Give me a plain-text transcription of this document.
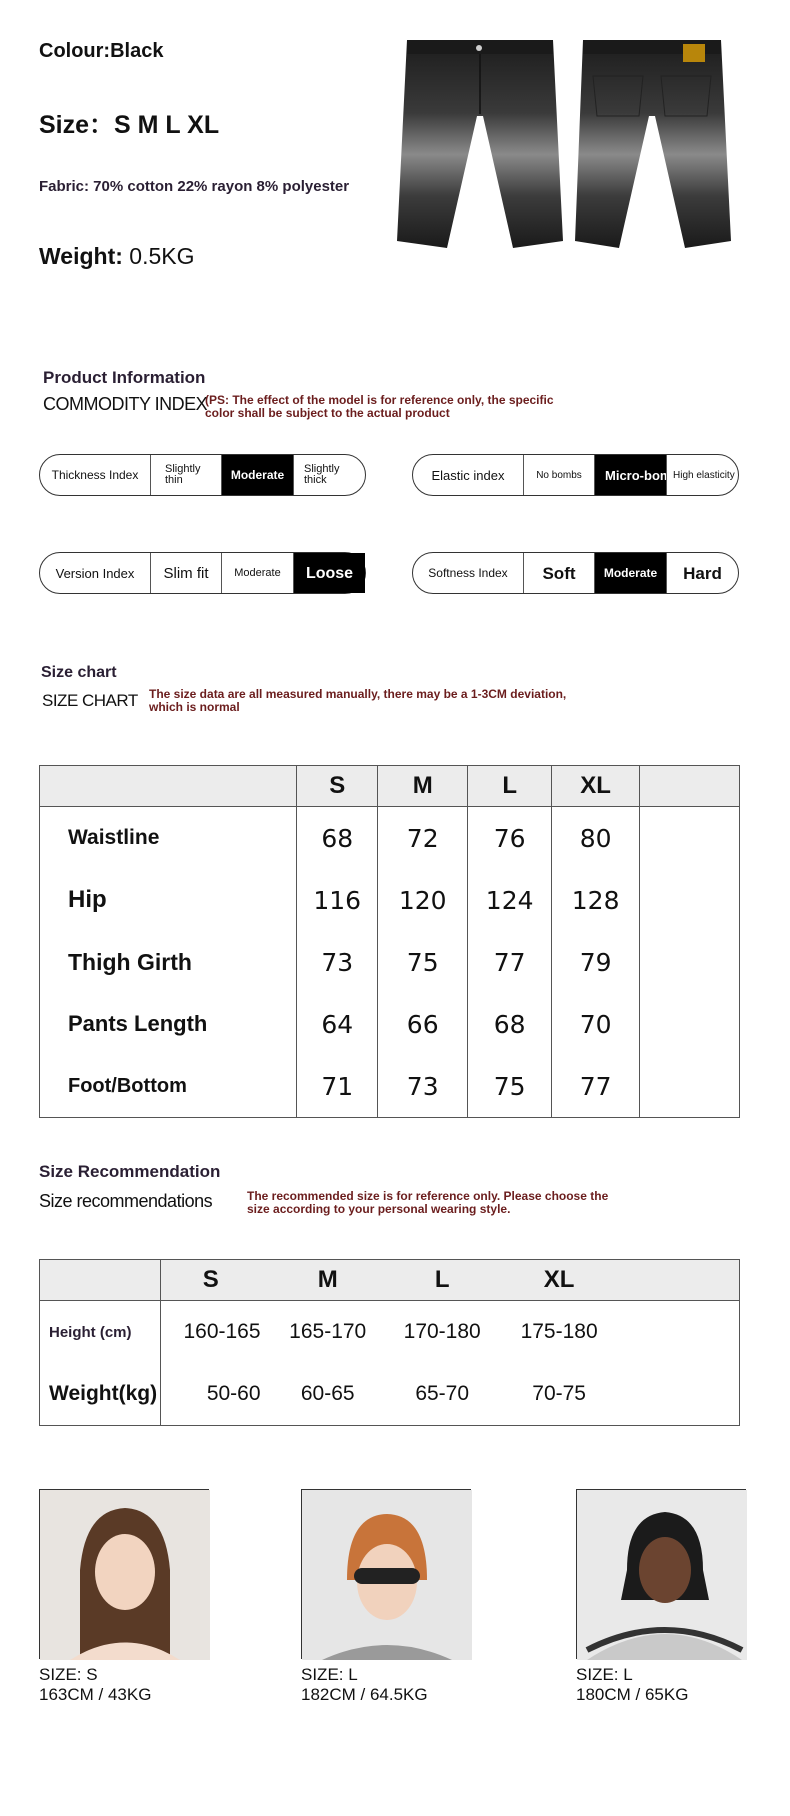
Colour:Black
Size：S M L XL
Fabric: 70% cotton 22% rayon 8% polyester
Weight: 0.5KG
Product Information
COMMODITY INDEX
(PS: The effect of the model is for reference only, the specific color shall be subject to the actual product
Thickness Index	Slightly thin	Moderate	Slightly thick	Elastic index	No bombs	Micro-bomb
High elasticity
Version Index	Slim fit	Moderate	Loose	Softness Index	Soft	Moderate	Hard
Size chart
SIZE CHART The size data are all measured manually, there may be a 1-3CM deviation, which is normal
	S	M	L	XL	
Waistline	68	72	76	80	
Hip	116	120	124	128	
Thigh Girth	73	75	77	79	
Pants Length	64	66	68	70	
Foot/Bottom	71	73	75	77	
Size Recommendation
Size recommendations	The recommended size is for reference only. Please choose the size according to your personal wearing style.
	S	M	L	XL	
Height (cm)	160-165	165-170	170-180	175-180	
Weight(kg)	50-60	60-65	65-70	70-75	
SIZE: S
163CM / 43KG
SIZE: L
182CM / 64.5KG
SIZE: L
180CM / 65KG
